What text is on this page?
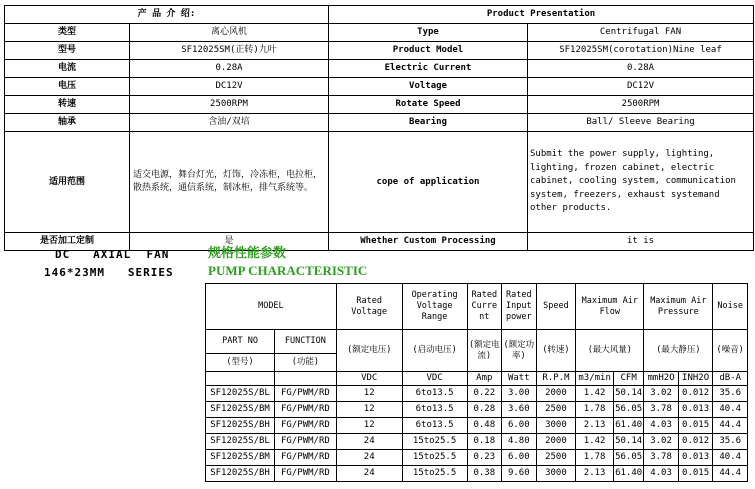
产 品 介 绍:		Product Presentation	
类型	离心风机	Type	Centrifugal FAN
型号	SF12025SM(正转)九叶	Product Model	SF12025SM(corotation)Nine leaf
电流	0.28A	Electric Current	0.28A
电压	DC12V	Voltage	DC12V
转速	2500RPM	Rotate Speed	2500RPM
轴承	含油/双培	Bearing	Ball/ Sleeve Bearing
适用范围	适交电源，舞台灯光，灯饰，冷冻柜，电拉柜，散热系统，通信系统，制冰柜，排气系统等。	cope of application	Submit the power supply, lighting, lighting, frozen cabinet, electric cabinet, cooling system, communication system, freezers, exhaust systemand other products.
是否加工定制	是	Whether Custom Processing	it is
DC   AXIAL  FAN
146*23MM   SERIES
规格性能参数
PUMP CHARACTERISTIC
MODEL		Rated Voltage	Operating Voltage Range	Rated Curre nt	Rated Input power	Speed	Maximum Air Flow		Maximum Air Pressure		Noise
PART NO	FUNCTION	(额定电压)	(启动电压)	(额定电流)	(额定功率)	(转速)	(最大风量)		(最大静压)		(噪音)
(型号)	(功能)										
		VDC	VDC	Amp	Watt	R.P.M	m3/min	CFM	mmH2O	INH2O	dB-A
SF12025S/BL	FG/PWM/RD	12	6to13.5	0.22	3.00	2000	1.42	50.14	3.02	0.012	35.6
SF12025S/BM	FG/PWM/RD	12	6to13.5	0.28	3.60	2500	1.78	56.05	3.78	0.013	40.4
SF12025S/BH	FG/PWM/RD	12	6to13.5	0.48	6.00	3000	2.13	61.40	4.03	0.015	44.4
SF12025S/BL	FG/PWM/RD	24	15to25.5	0.18	4.80	2000	1.42	50.14	3.02	0.012	35.6
SF12025S/BM	FG/PWM/RD	24	15to25.5	0.23	6.00	2500	1.78	56.05	3.78	0.013	40.4
SF12025S/BH	FG/PWM/RD	24	15to25.5	0.38	9.60	3000	2.13	61.40	4.03	0.015	44.4
